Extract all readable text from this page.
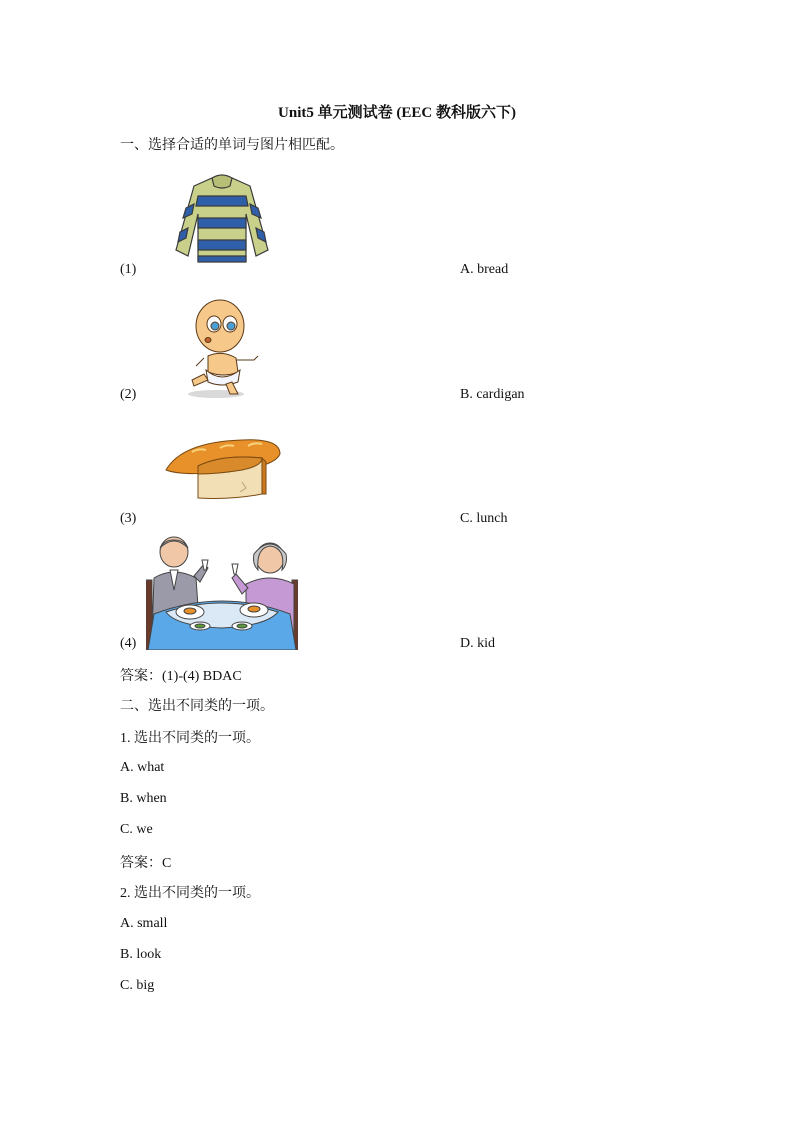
Unit5 单元测试卷 (EEC 教科版六下)
一、选择合适的单词与图片相匹配。
(1)	A. bread
(2)	B. cardigan
(3)	C. lunch
(4)	D. kid
答案：(1)-(4) BDAC
二、选出不同类的一项。
1. 选出不同类的一项。
A. what
B. when
C. we
答案：C
2. 选出不同类的一项。
A. small
B. look
C. big
